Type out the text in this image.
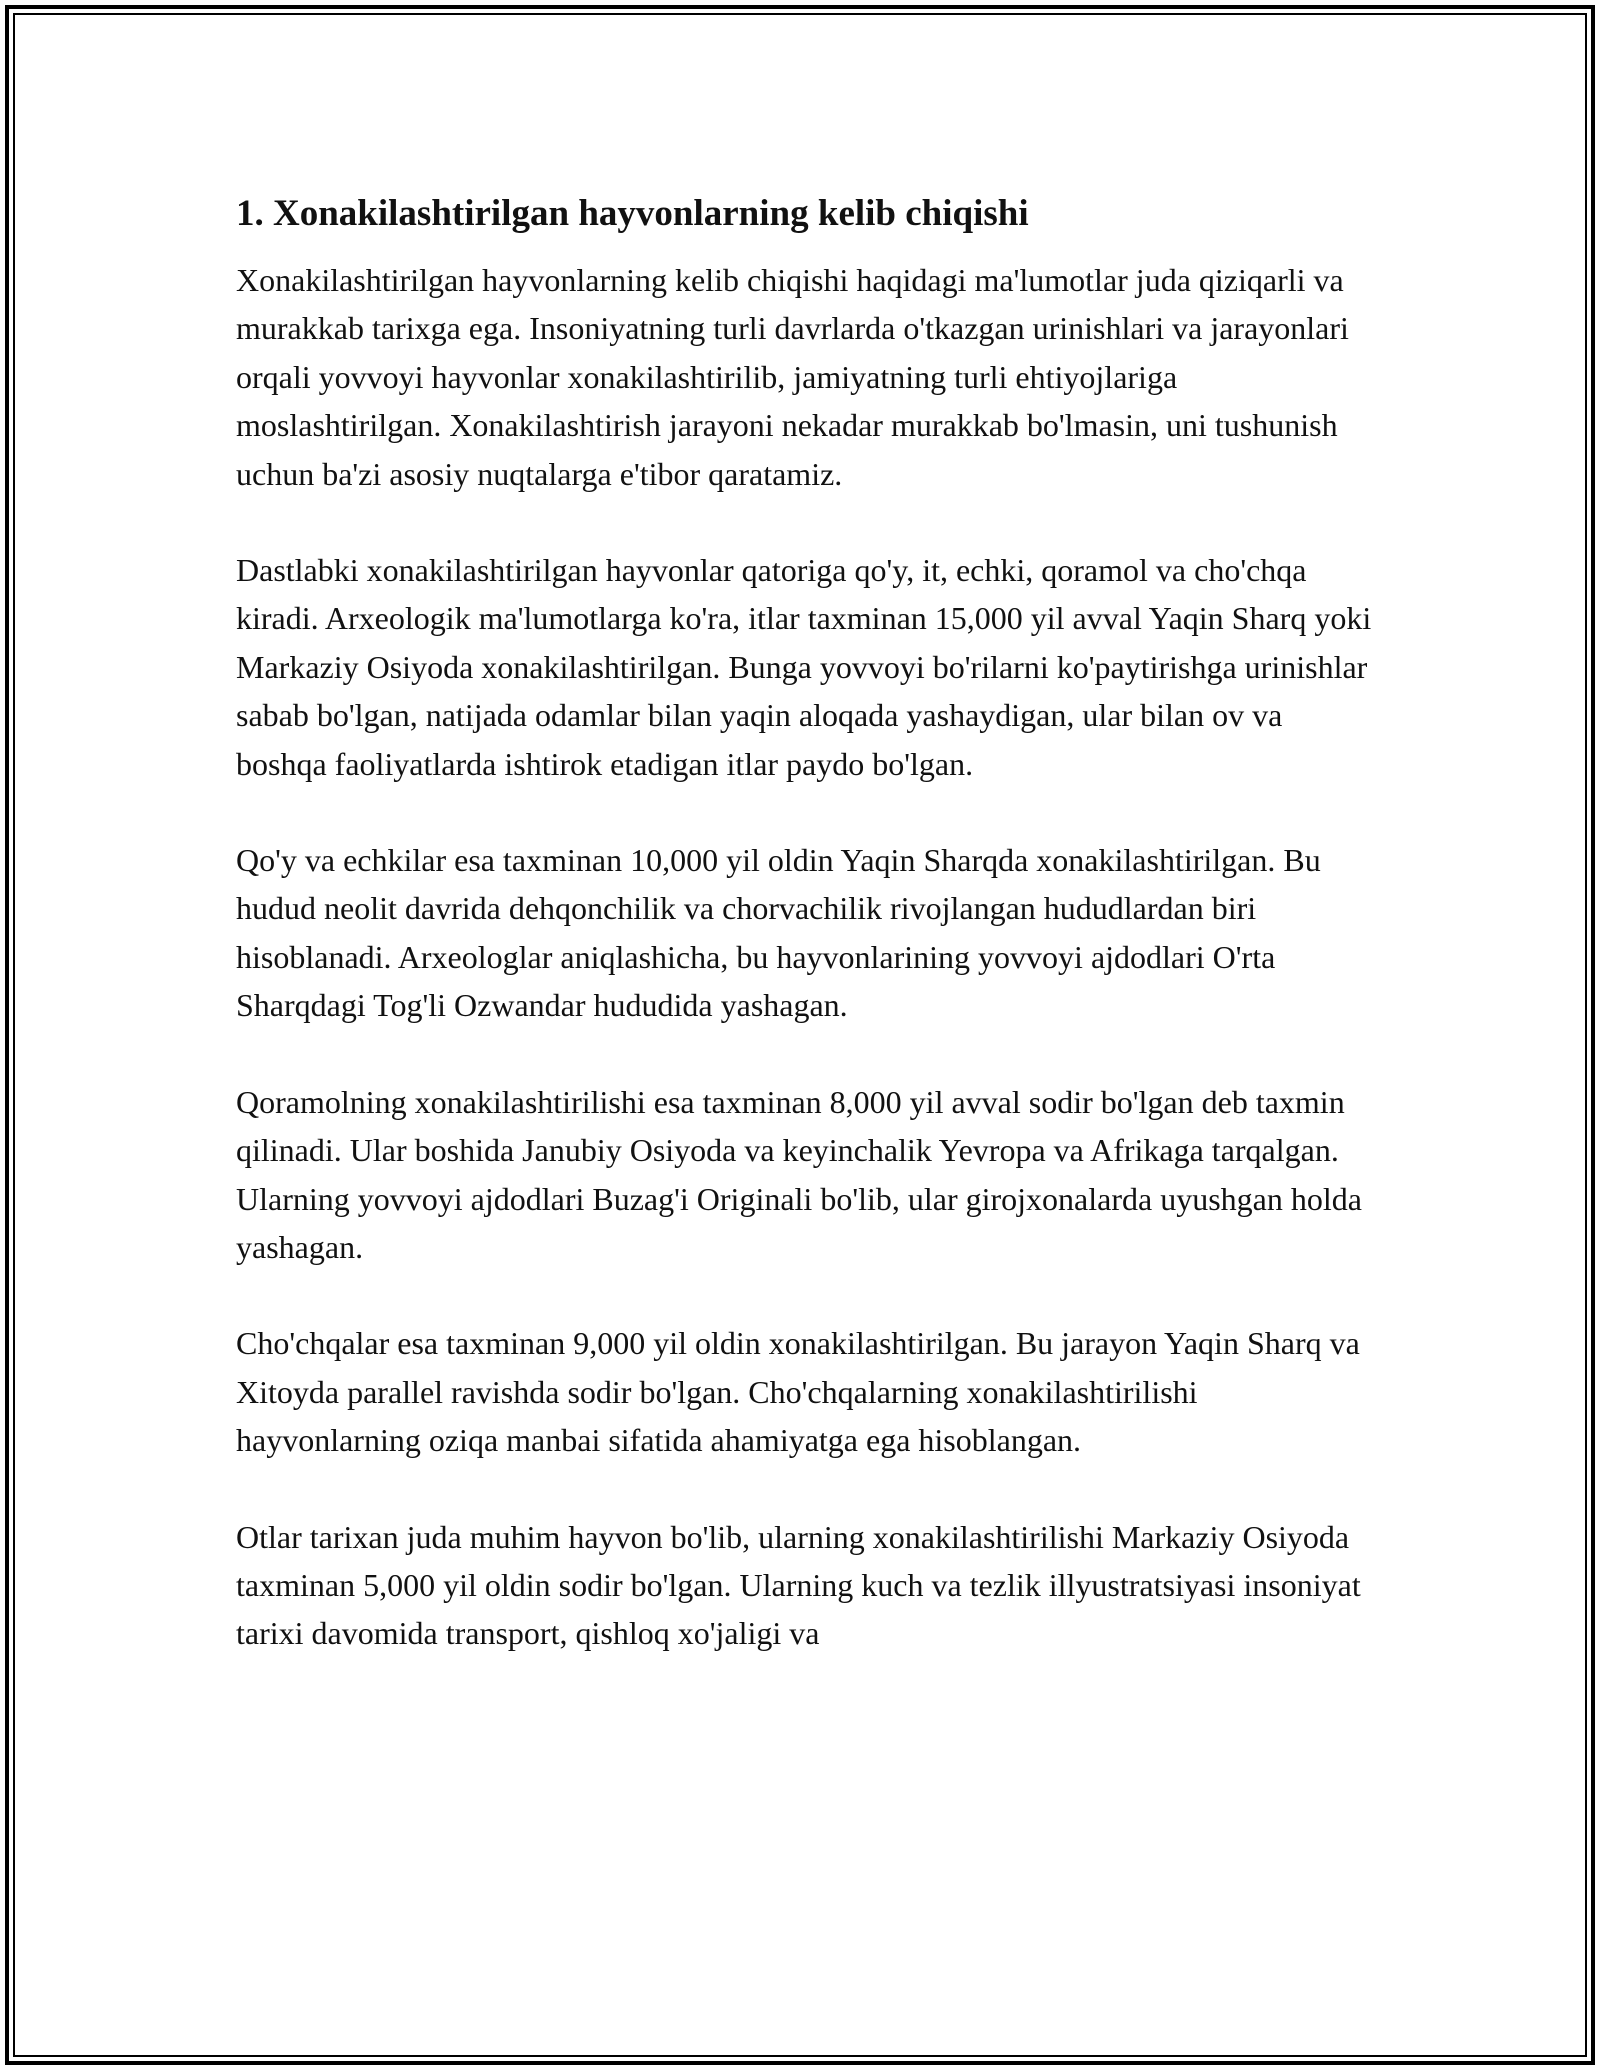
1. Xonakilashtirilgan hayvonlarning kelib chiqishi

Xonakilashtirilgan hayvonlarning kelib chiqishi haqidagi ma'lumotlar juda qiziqarli va murakkab tarixga ega. Insoniyatning turli davrlarda o'tkazgan urinishlari va jarayonlari orqali yovvoyi hayvonlar xonakilashtirilib, jamiyatning turli ehtiyojlariga moslashtirilgan. Xonakilashtirish jarayoni nekadar murakkab bo'lmasin, uni tushunish uchun ba'zi asosiy nuqtalarga e'tibor qaratamiz.

Dastlabki xonakilashtirilgan hayvonlar qatoriga qo'y, it, echki, qoramol va cho'chqa kiradi. Arxeologik ma'lumotlarga ko'ra, itlar taxminan 15,000 yil avval Yaqin Sharq yoki Markaziy Osiyoda xonakilashtirilgan. Bunga yovvoyi bo'rilarni ko'paytirishga urinishlar sabab bo'lgan, natijada odamlar bilan yaqin aloqada yashaydigan, ular bilan ov va boshqa faoliyatlarda ishtirok etadigan itlar paydo bo'lgan.

Qo'y va echkilar esa taxminan 10,000 yil oldin Yaqin Sharqda xonakilashtirilgan. Bu hudud neolit davrida dehqonchilik va chorvachilik rivojlangan hududlardan biri hisoblanadi. Arxeologlar aniqlashicha, bu hayvonlarining yovvoyi ajdodlari O'rta Sharqdagi Tog'li Ozwandar hududida yashagan.

Qoramolning xonakilashtirilishi esa taxminan 8,000 yil avval sodir bo'lgan deb taxmin qilinadi. Ular boshida Janubiy Osiyoda va keyinchalik Yevropa va Afrikaga tarqalgan. Ularning yovvoyi ajdodlari Buzag'i Originali bo'lib, ular girojxonalarda uyushgan holda yashagan.

Cho'chqalar esa taxminan 9,000 yil oldin xonakilashtirilgan. Bu jarayon Yaqin Sharq va Xitoyda parallel ravishda sodir bo'lgan. Cho'chqalarning xonakilashtirilishi hayvonlarning oziqa manbai sifatida ahamiyatga ega hisoblangan.

Otlar tarixan juda muhim hayvon bo'lib, ularning xonakilashtirilishi Markaziy Osiyoda taxminan 5,000 yil oldin sodir bo'lgan. Ularning kuch va tezlik illyustratsiyasi insoniyat tarixi davomida transport, qishloq xo'jaligi va
